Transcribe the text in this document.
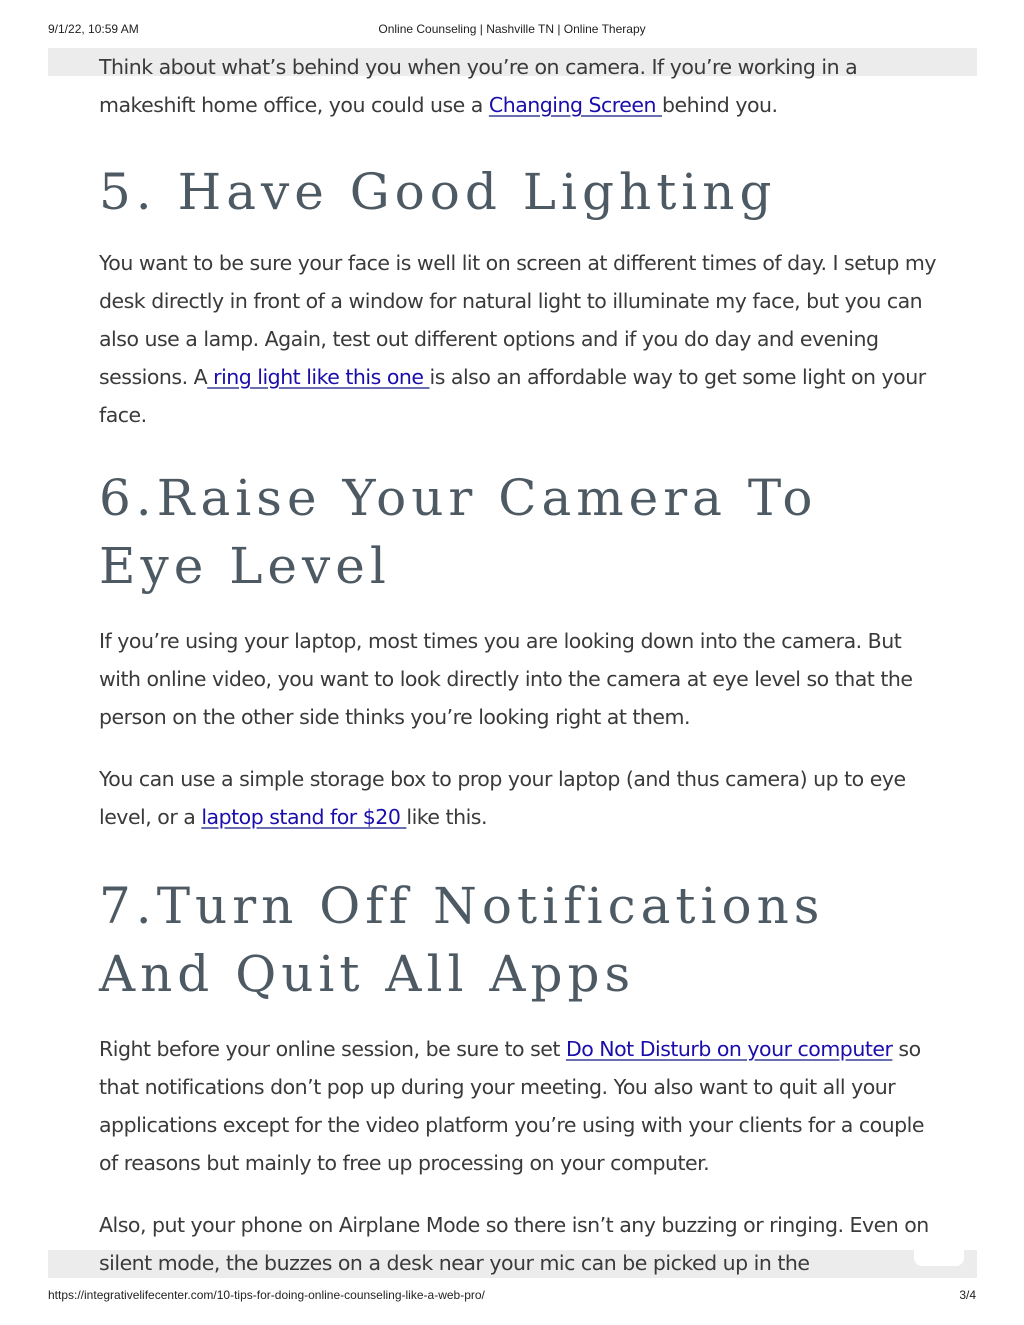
9/1/22, 10:59 AM	Online Counseling | Nashville TN | Online Therapy

Think about what’s behind you when you’re on camera. If you’re working in a makeshift home office, you could use a Changing Screen behind you.

5. Have Good Lighting

You want to be sure your face is well lit on screen at different times of day. I setup my desk directly in front of a window for natural light to illuminate my face, but you can also use a lamp. Again, test out different options and if you do day and evening sessions. A ring light like this one is also an affordable way to get some light on your face.

6.Raise Your Camera To Eye Level

If you’re using your laptop, most times you are looking down into the camera. But with online video, you want to look directly into the camera at eye level so that the person on the other side thinks you’re looking right at them.

You can use a simple storage box to prop your laptop (and thus camera) up to eye level, or a laptop stand for $20 like this.

7.Turn Off Notifications And Quit All Apps

Right before your online session, be sure to set Do Not Disturb on your computer so that notifications don’t pop up during your meeting. You also want to quit all your applications except for the video platform you’re using with your clients for a couple of reasons but mainly to free up processing on your computer.

Also, put your phone on Airplane Mode so there isn’t any buzzing or ringing. Even on silent mode, the buzzes on a desk near your mic can be picked up in the

https://integrativelifecenter.com/10-tips-for-doing-online-counseling-like-a-web-pro/	3/4
